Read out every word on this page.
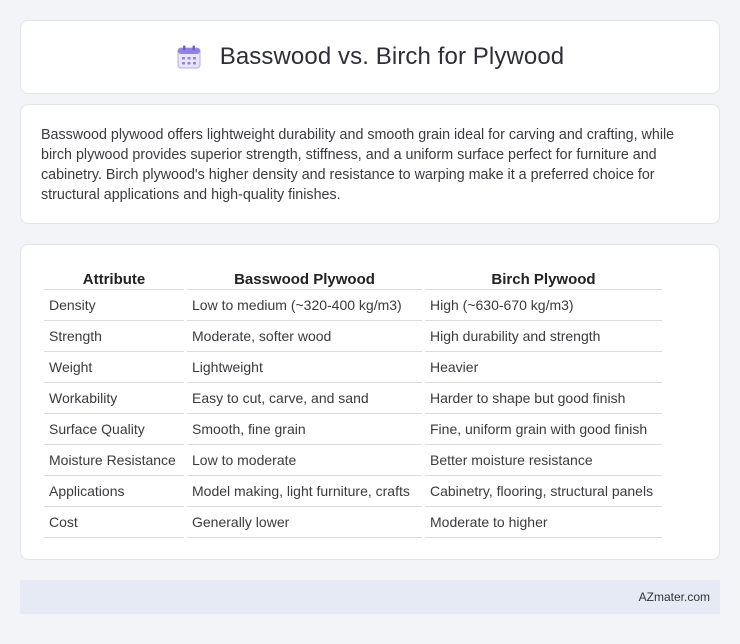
Basswood vs. Birch for Plywood

Basswood plywood offers lightweight durability and smooth grain ideal for carving and crafting, while birch plywood provides superior strength, stiffness, and a uniform surface perfect for furniture and cabinetry. Birch plywood's higher density and resistance to warping make it a preferred choice for structural applications and high-quality finishes.

Attribute	Basswood Plywood	Birch Plywood
Density	Low to medium (~320-400 kg/m3)	High (~630-670 kg/m3)
Strength	Moderate, softer wood	High durability and strength
Weight	Lightweight	Heavier
Workability	Easy to cut, carve, and sand	Harder to shape but good finish
Surface Quality	Smooth, fine grain	Fine, uniform grain with good finish
Moisture Resistance	Low to moderate	Better moisture resistance
Applications	Model making, light furniture, crafts	Cabinetry, flooring, structural panels
Cost	Generally lower	Moderate to higher
AZmater.com
